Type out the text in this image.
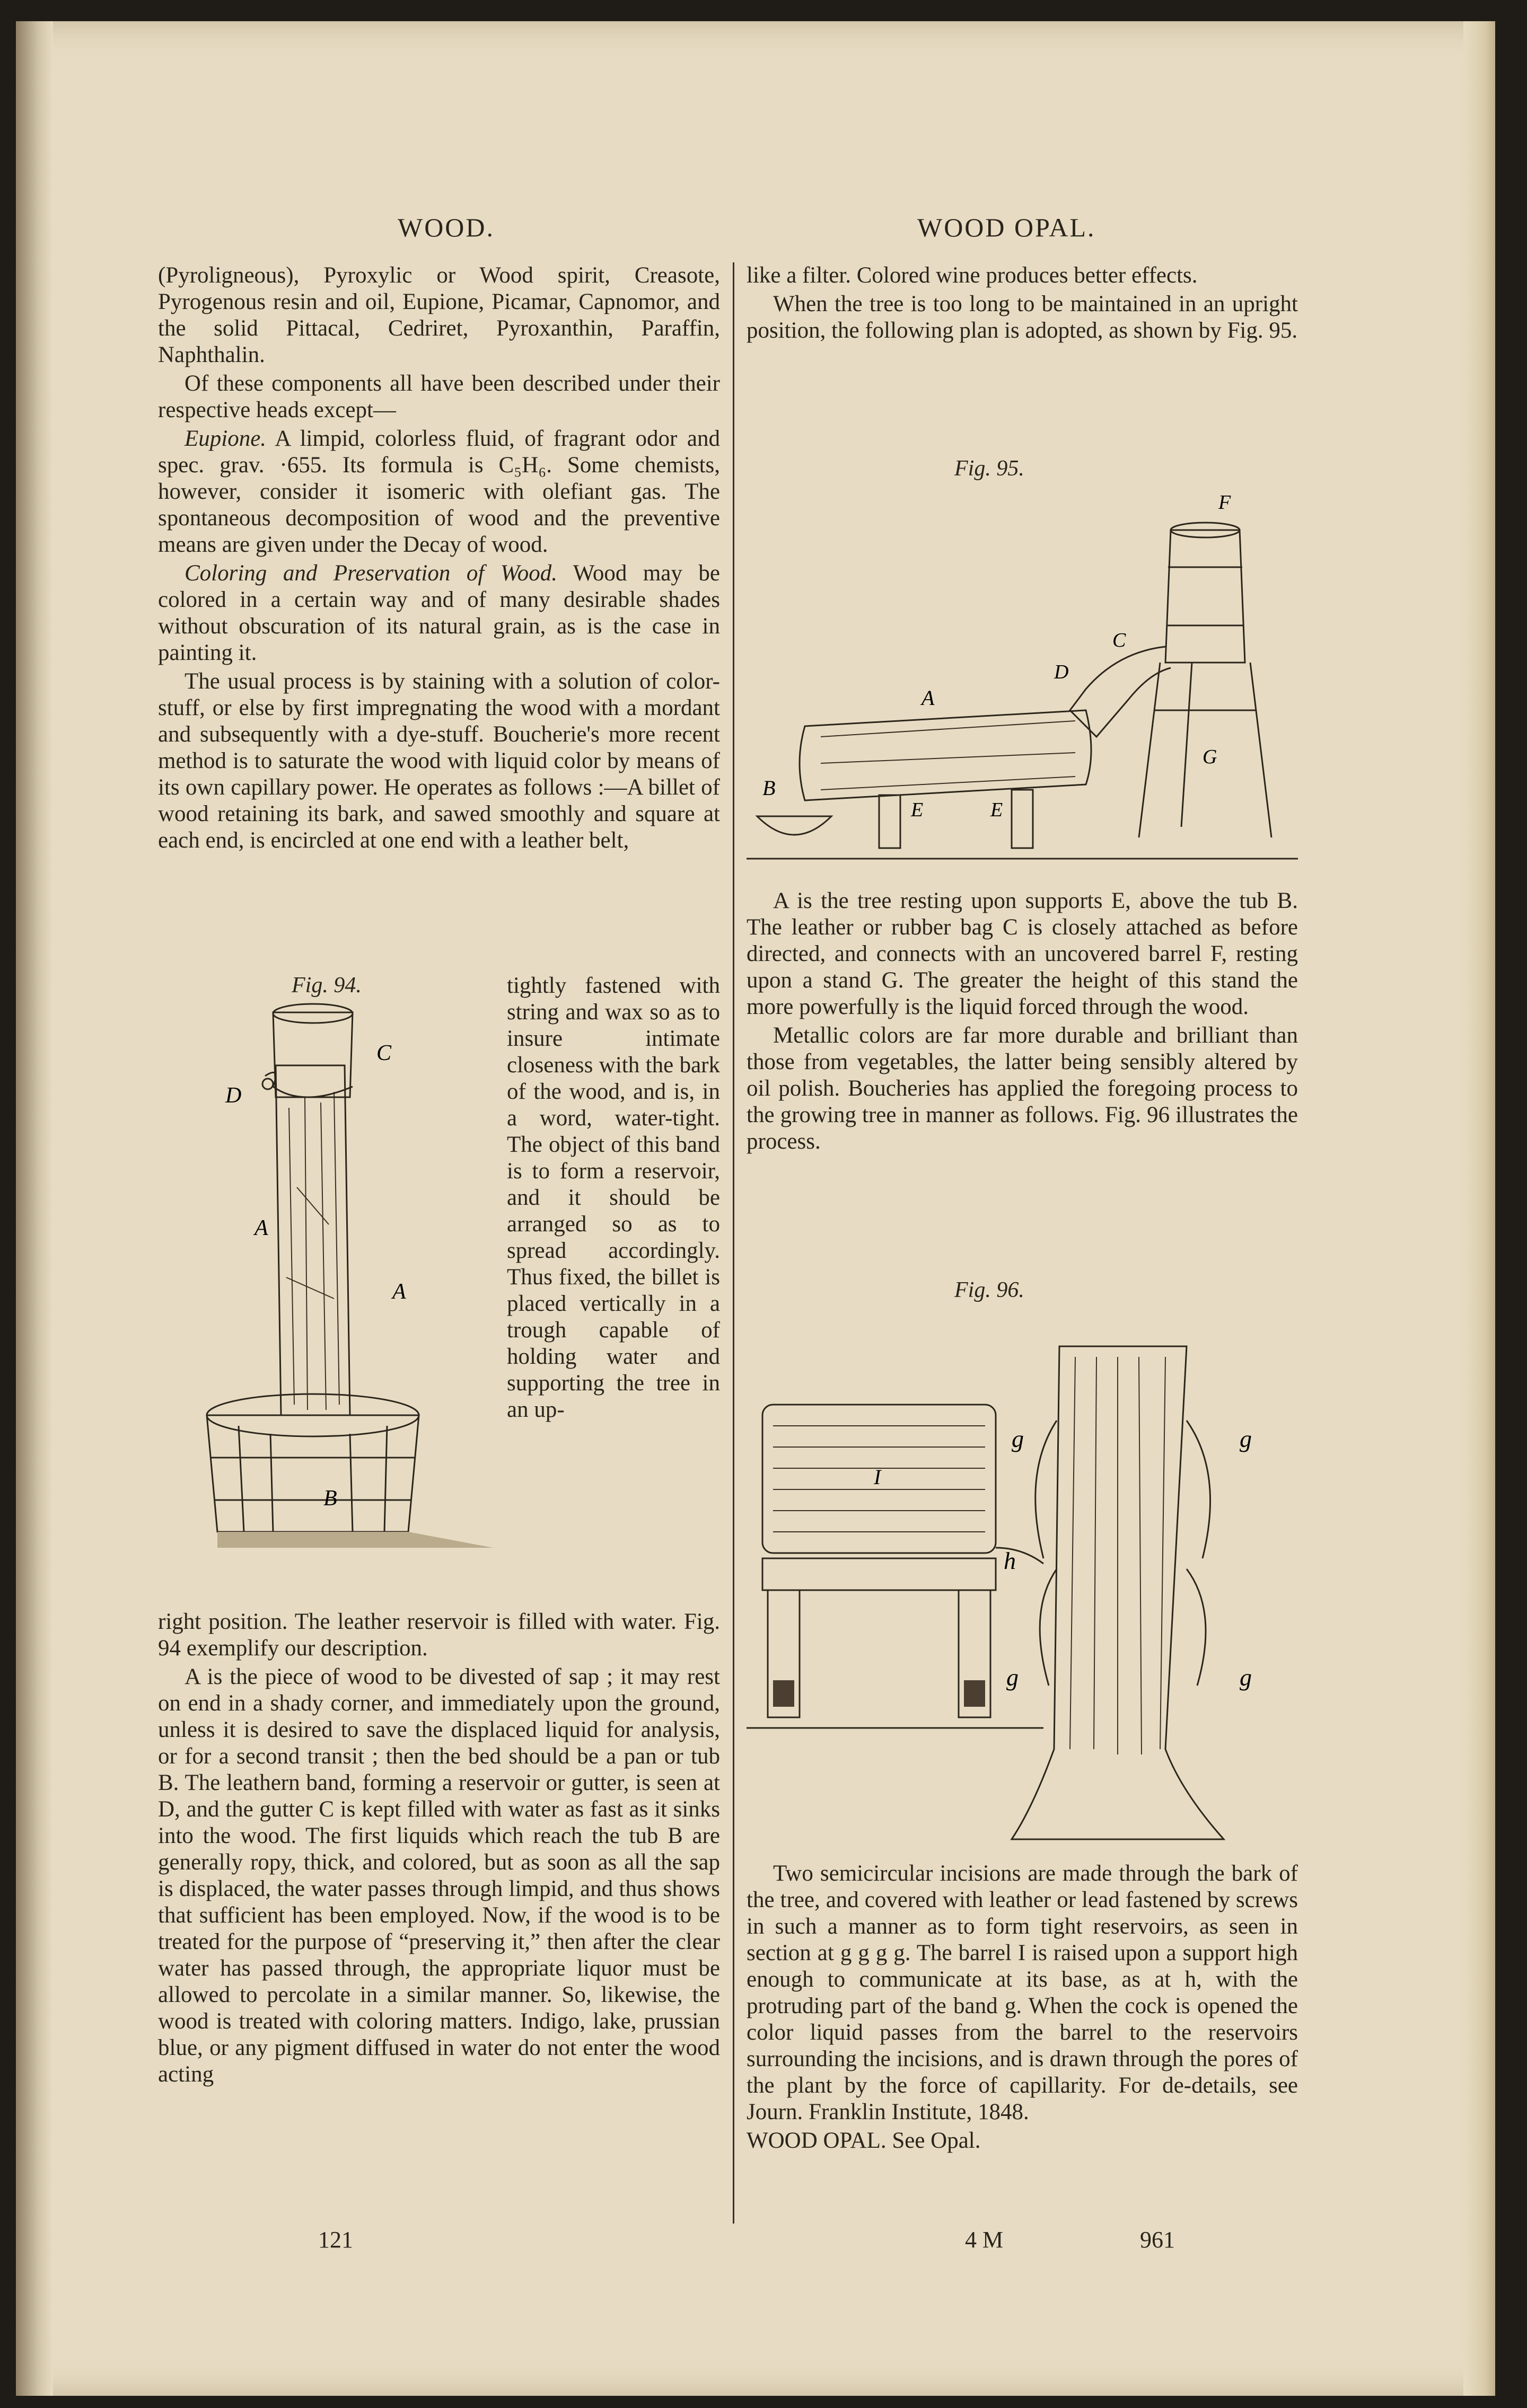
WOOD.	WOOD OPAL.

(Pyroligneous), Pyroxylic or Wood spirit, Creasote, Pyrogenous resin and oil, Eupione, Picamar, Capnomor, and the solid Pittacal, Cedriret, Pyroxanthin, Paraffin, Naphthalin.

Of these components all have been described under their respective heads except—

Eupione. A limpid, colorless fluid, of fragrant odor and spec. grav. ·655. Its formula is C₅H₆. Some chemists, however, consider it isomeric with olefiant gas. The spontaneous decomposition of wood and the preventive means are given under the Decay of wood.

Coloring and Preservation of Wood. Wood may be colored in a certain way and of many desirable shades without obscuration of its natural grain, as is the case in painting it.

The usual process is by staining with a solution of color-stuff, or else by first impregnating the wood with a mordant and subsequently with a dye-stuff. Boucherie's more recent method is to saturate the wood with liquid color by means of its own capillary power. He operates as follows :—A billet of wood retaining its bark, and sawed smoothly and square at each end, is encircled at one end with a leather belt,

Fig. 94.
C
D
A
A
B
tightly fastened with string and wax so as to insure intimate closeness with the bark of the wood, and is, in a word, water-tight. The object of this band is to form a reservoir, and it should be arranged so as to spread accordingly. Thus fixed, the billet is placed vertically in a trough capable of holding water and supporting the tree in an up-

right position. The leather reservoir is filled with water. Fig. 94 exemplify our description.

A is the piece of wood to be divested of sap ; it may rest on end in a shady corner, and immediately upon the ground, unless it is desired to save the displaced liquid for analysis, or for a second transit ; then the bed should be a pan or tub B. The leathern band, forming a reservoir or gutter, is seen at D, and the gutter C is kept filled with water as fast as it sinks into the wood. The first liquids which reach the tub B are generally ropy, thick, and colored, but as soon as all the sap is displaced, the water passes through limpid, and thus shows that sufficient has been employed. Now, if the wood is to be treated for the purpose of “preserving it,” then after the clear water has passed through, the appropriate liquor must be allowed to percolate in a similar manner. So, likewise, the wood is treated with coloring matters. Indigo, lake, prussian blue, or any pigment diffused in water do not enter the wood acting

like a filter. Colored wine produces better effects.

When the tree is too long to be maintained in an upright position, the following plan is adopted, as shown by Fig. 95.

Fig. 95.
F
C
D
A
G
B
E	E

A is the tree resting upon supports E, above the tub B. The leather or rubber bag C is closely attached as before directed, and connects with an uncovered barrel F, resting upon a stand G. The greater the height of this stand the more powerfully is the liquid forced through the wood.

Metallic colors are far more durable and brilliant than those from vegetables, the latter being sensibly altered by oil polish. Boucheries has applied the foregoing process to the growing tree in manner as follows. Fig. 96 illustrates the process.

Fig. 96.
g	g
I
h
g	g

Two semicircular incisions are made through the bark of the tree, and covered with leather or lead fastened by screws in such a manner as to form tight reservoirs, as seen in section at g g g g. The barrel I is raised upon a support high enough to communicate at its base, as at h, with the protruding part of the band g. When the cock is opened the color liquid passes from the barrel to the reservoirs surrounding the incisions, and is drawn through the pores of the plant by the force of capillarity. For de-details, see Journ. Franklin Institute, 1848.

WOOD OPAL. See Opal.

121	4 M	961
